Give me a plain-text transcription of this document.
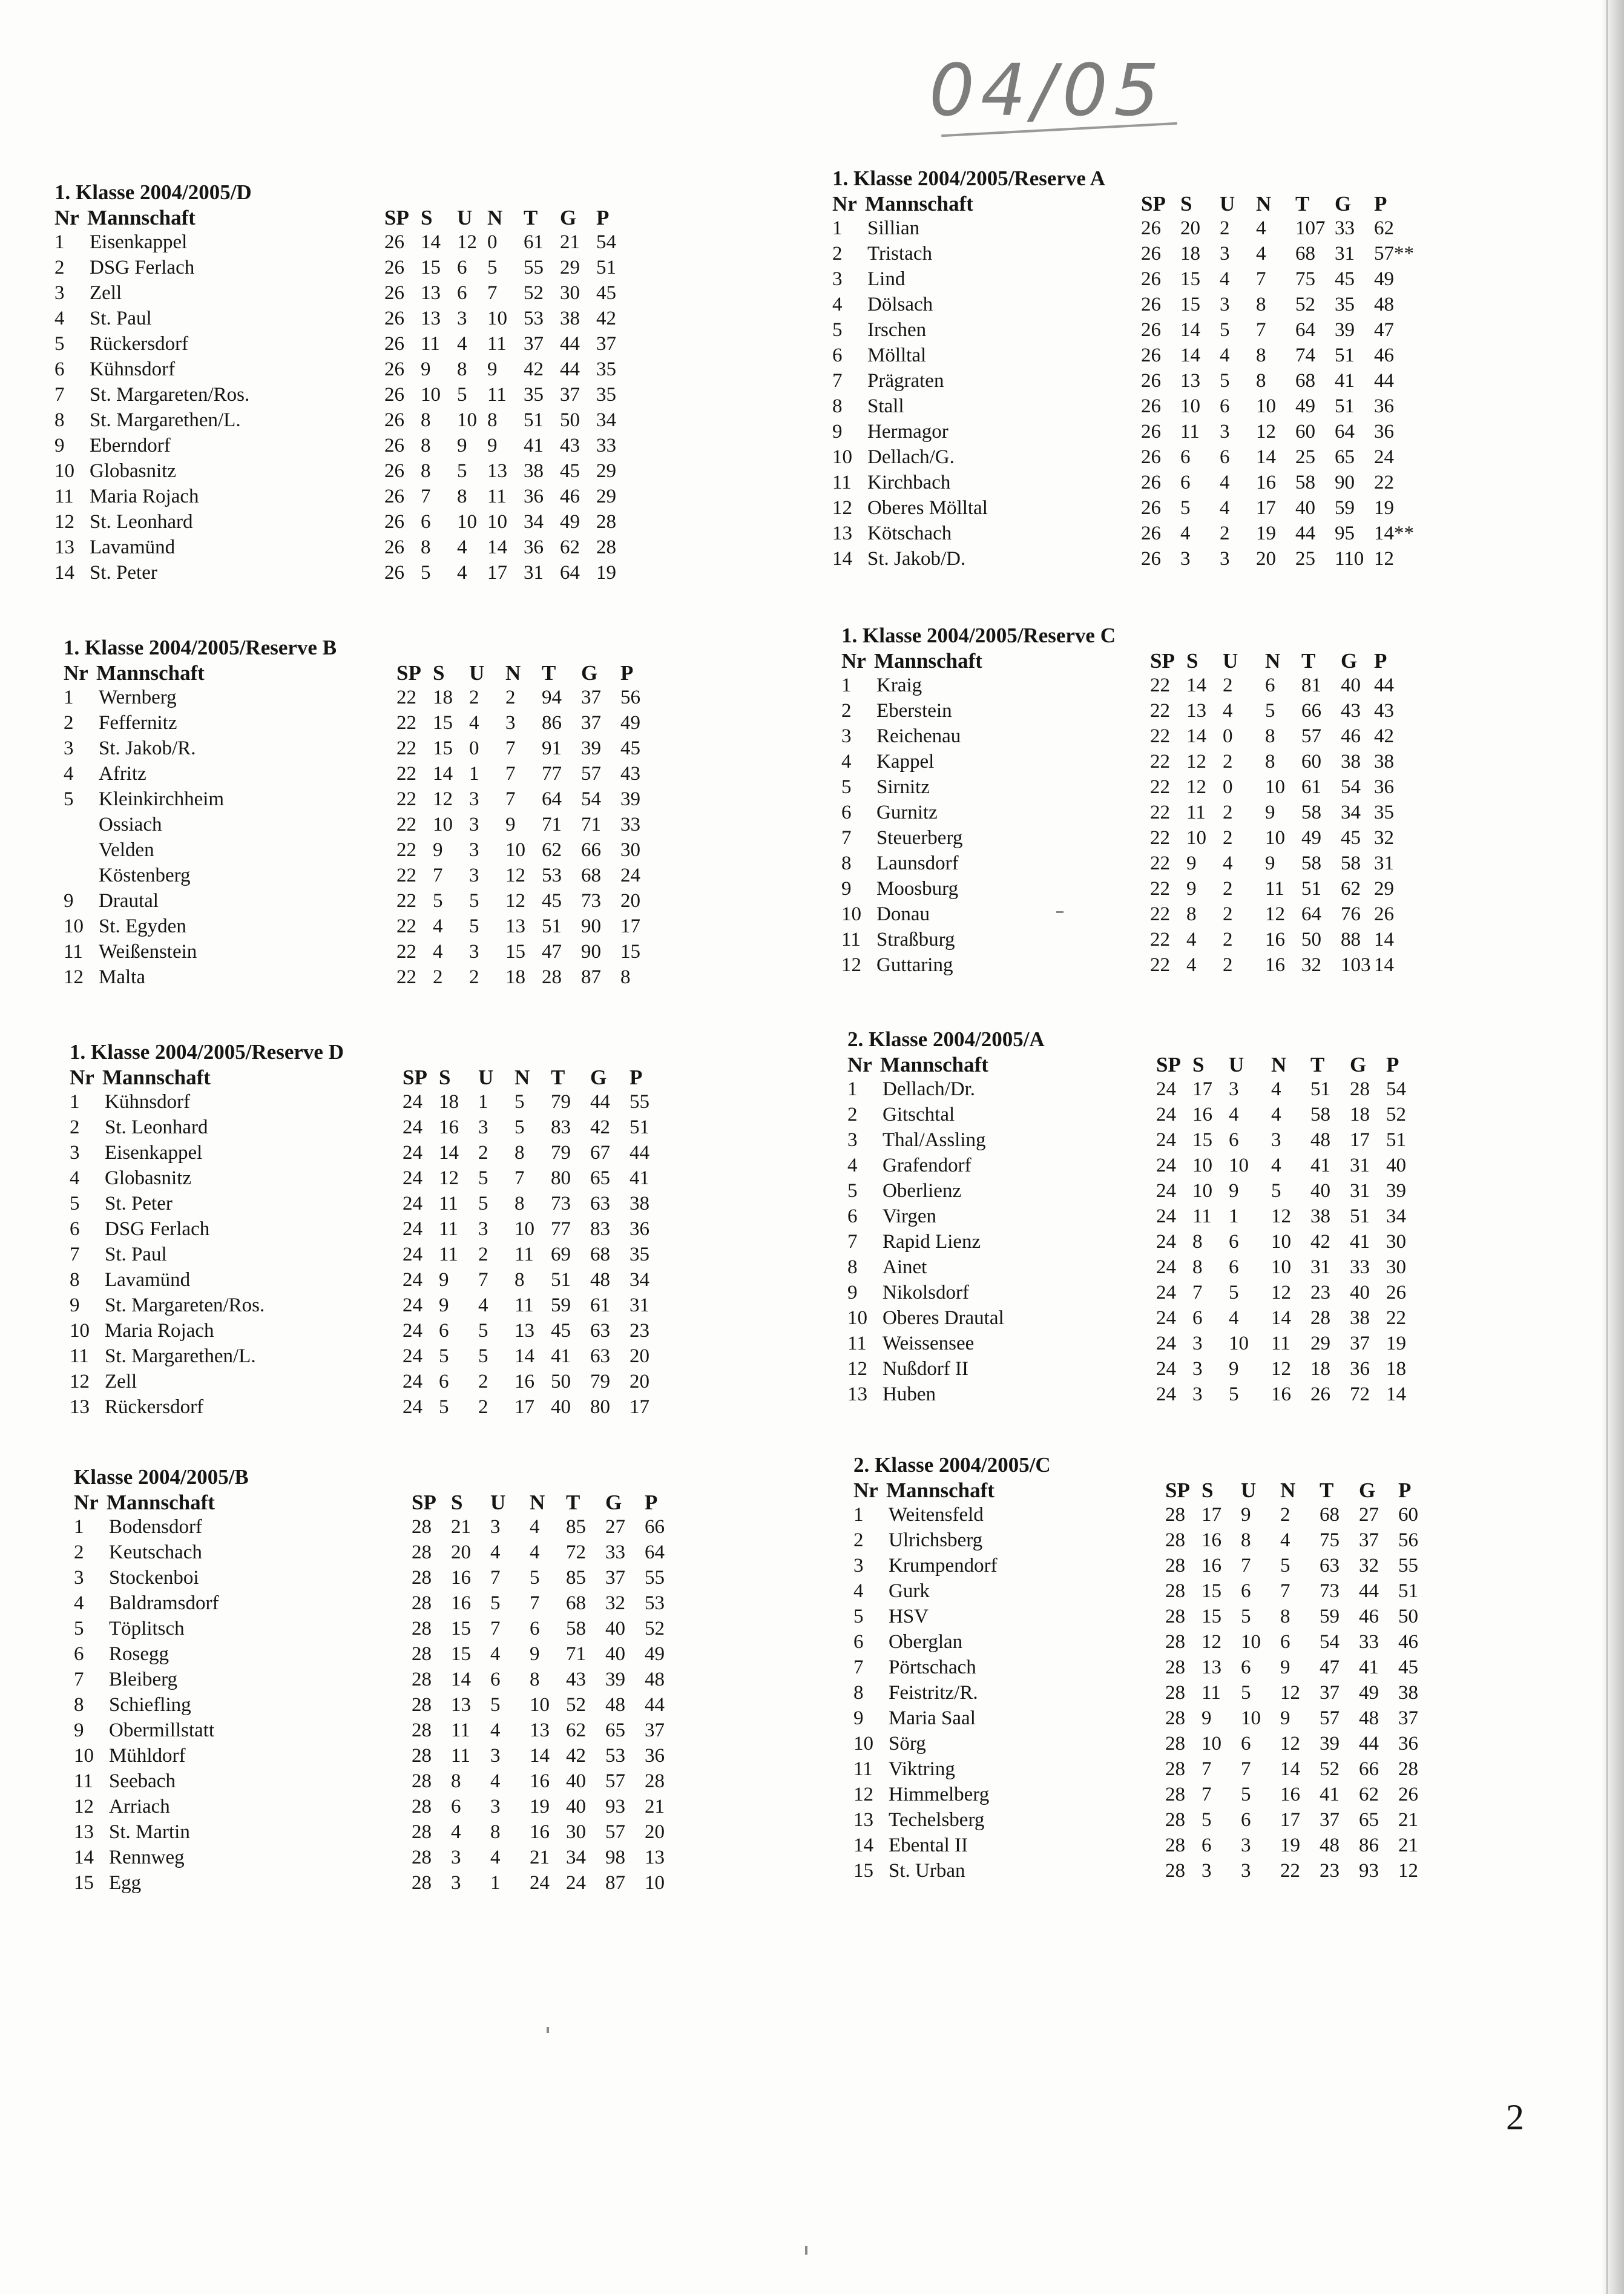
04/05
1. Klasse 2004/2005/D
Nr Mannschaft	SP S U N T G P
1	Eisenkappel	26 14 12 0 61 21 54
2	DSG Ferlach	26 15 6 5 55 29 51
3	Zell	26 13 6 7 52 30 45
4	St. Paul	26 13 3 10 53 38 42
5	Rückersdorf	26 11 4 11 37 44 37
6	Kühnsdorf	26 9 8 9 42 44 35
7	St. Margareten/Ros.	26 10 5 11 35 37 35
8	St. Margarethen/L.	26 8 10 8 51 50 34
9	Eberndorf	26 8 9 9 41 43 33
10 Globasnitz	26 8 5 13 38 45 29
11 Maria Rojach	26 7 8 11 36 46 29
12 St. Leonhard	26 6 10 10 34 49 28
13 Lavamünd	26 8 4 14 36 62 28
14 St. Peter	26 5 4 17 31 64 19
1. Klasse 2004/2005/Reserve A
Nr Mannschaft	SP S U N T G P
1	Sillian	26 20 2 4 107 33 62
2	Tristach	26 18 3 4 68 31 57**
3	Lind	26 15 4 7 75 45 49
4	Dölsach	26 15 3 8 52 35 48
5	Irschen	26 14 5 7 64 39 47
6	Mölltal	26 14 4 8 74 51 46
7	Prägraten	26 13 5 8 68 41 44
8	Stall	26 10 6 10 49 51 36
9	Hermagor	26 11 3 12 60 64 36
10 Dellach/G.	26 6 6 14 25 65 24
11 Kirchbach	26 6 4 16 58 90 22
12 Oberes Mölltal	26 5 4 17 40 59 19
13 Kötschach	26 4 2 19 44 95 14**
14 St. Jakob/D.	26 3 3 20 25 110 12
1. Klasse 2004/2005/Reserve B
Nr Mannschaft	SP S U N T G P
1	Wernberg	22 18 2 2 94 37 56
2	Feffernitz	22 15 4 3 86 37 49
3	St. Jakob/R.	22 15 0 7 91 39 45
4	Afritz	22 14 1 7 77 57 43
5	Kleinkirchheim	22 12 3 7 64 54 39
Ossiach	22 10 3 9 71 71 33
Velden	22 9 3 10 62 66 30
Köstenberg	22 7 3 12 53 68 24
9	Drautal	22 5 5 12 45 73 20
10 St. Egyden	22 4 5 13 51 90 17
11 Weißenstein	22 4 3 15 47 90 15
12 Malta	22 2 2 18 28 87 8
1. Klasse 2004/2005/Reserve C
Nr Mannschaft	SP S U N T G P
1	Kraig	22 14 2 6 81 40 44
2	Eberstein	22 13 4 5 66 43 43
3	Reichenau	22 14 0 8 57 46 42
4	Kappel	22 12 2 8 60 38 38
5	Sirnitz	22 12 0 10 61 54 36
6	Gurnitz	22 11 2 9 58 34 35
7	Steuerberg	22 10 2 10 49 45 32
8	Launsdorf	22 9 4 9 58 58 31
9	Moosburg	22 9 2 11 51 62 29
10 Donau	22 8 2 12 64 76 26
11 Straßburg	22 4 2 16 50 88 14
12 Guttaring	22 4 2 16 32 103 14
1. Klasse 2004/2005/Reserve D
Nr Mannschaft	SP S U N T G P
1	Kühnsdorf	24 18 1 5 79 44 55
2	St. Leonhard	24 16 3 5 83 42 51
3	Eisenkappel	24 14 2 8 79 67 44
4	Globasnitz	24 12 5 7 80 65 41
5	St. Peter	24 11 5 8 73 63 38
6	DSG Ferlach	24 11 3 10 77 83 36
7	St. Paul	24 11 2 11 69 68 35
8	Lavamünd	24 9 7 8 51 48 34
9	St. Margareten/Ros.	24 9 4 11 59 61 31
10 Maria Rojach	24 6 5 13 45 63 23
11 St. Margarethen/L.	24 5 5 14 41 63 20
12 Zell	24 6 2 16 50 79 20
13 Rückersdorf	24 5 2 17 40 80 17
2. Klasse 2004/2005/A
Nr Mannschaft	SP S U N T G P
1	Dellach/Dr.	24 17 3 4 51 28 54
2	Gitschtal	24 16 4 4 58 18 52
3	Thal/Assling	24 15 6 3 48 17 51
4	Grafendorf	24 10 10 4 41 31 40
5	Oberlienz	24 10 9 5 40 31 39
6	Virgen	24 11 1 12 38 51 34
7	Rapid Lienz	24 8 6 10 42 41 30
8	Ainet	24 8 6 10 31 33 30
9	Nikolsdorf	24 7 5 12 23 40 26
10 Oberes Drautal	24 6 4 14 28 38 22
11 Weissensee	24 3 10 11 29 37 19
12 Nußdorf II	24 3 9 12 18 36 18
13 Huben	24 3 5 16 26 72 14
Klasse 2004/2005/B
Nr Mannschaft	SP S U N T G P
1	Bodensdorf	28 21 3 4 85 27 66
2	Keutschach	28 20 4 4 72 33 64
3	Stockenboi	28 16 7 5 85 37 55
4	Baldramsdorf	28 16 5 7 68 32 53
5	Töplitsch	28 15 7 6 58 40 52
6	Rosegg	28 15 4 9 71 40 49
7	Bleiberg	28 14 6 8 43 39 48
8	Schiefling	28 13 5 10 52 48 44
9	Obermillstatt	28 11 4 13 62 65 37
10 Mühldorf	28 11 3 14 42 53 36
11 Seebach	28 8 4 16 40 57 28
12 Arriach	28 6 3 19 40 93 21
13 St. Martin	28 4 8 16 30 57 20
14 Rennweg	28 3 4 21 34 98 13
15 Egg	28 3 1 24 24 87 10
2. Klasse 2004/2005/C
Nr Mannschaft	SP S U N T G P
1	Weitensfeld	28 17 9 2 68 27 60
2	Ulrichsberg	28 16 8 4 75 37 56
3	Krumpendorf	28 16 7 5 63 32 55
4	Gurk	28 15 6 7 73 44 51
5	HSV	28 15 5 8 59 46 50
6	Oberglan	28 12 10 6 54 33 46
7	Pörtschach	28 13 6 9 47 41 45
8	Feistritz/R.	28 11 5 12 37 49 38
9	Maria Saal	28 9 10 9 57 48 37
10 Sörg	28 10 6 12 39 44 36
11 Viktring	28 7 7 14 52 66 28
12 Himmelberg	28 7 5 16 41 62 26
13 Techelsberg	28 5 6 17 37 65 21
14 Ebental II	28 6 3 19 48 86 21
15 St. Urban	28 3 3 22 23 93 12
2
